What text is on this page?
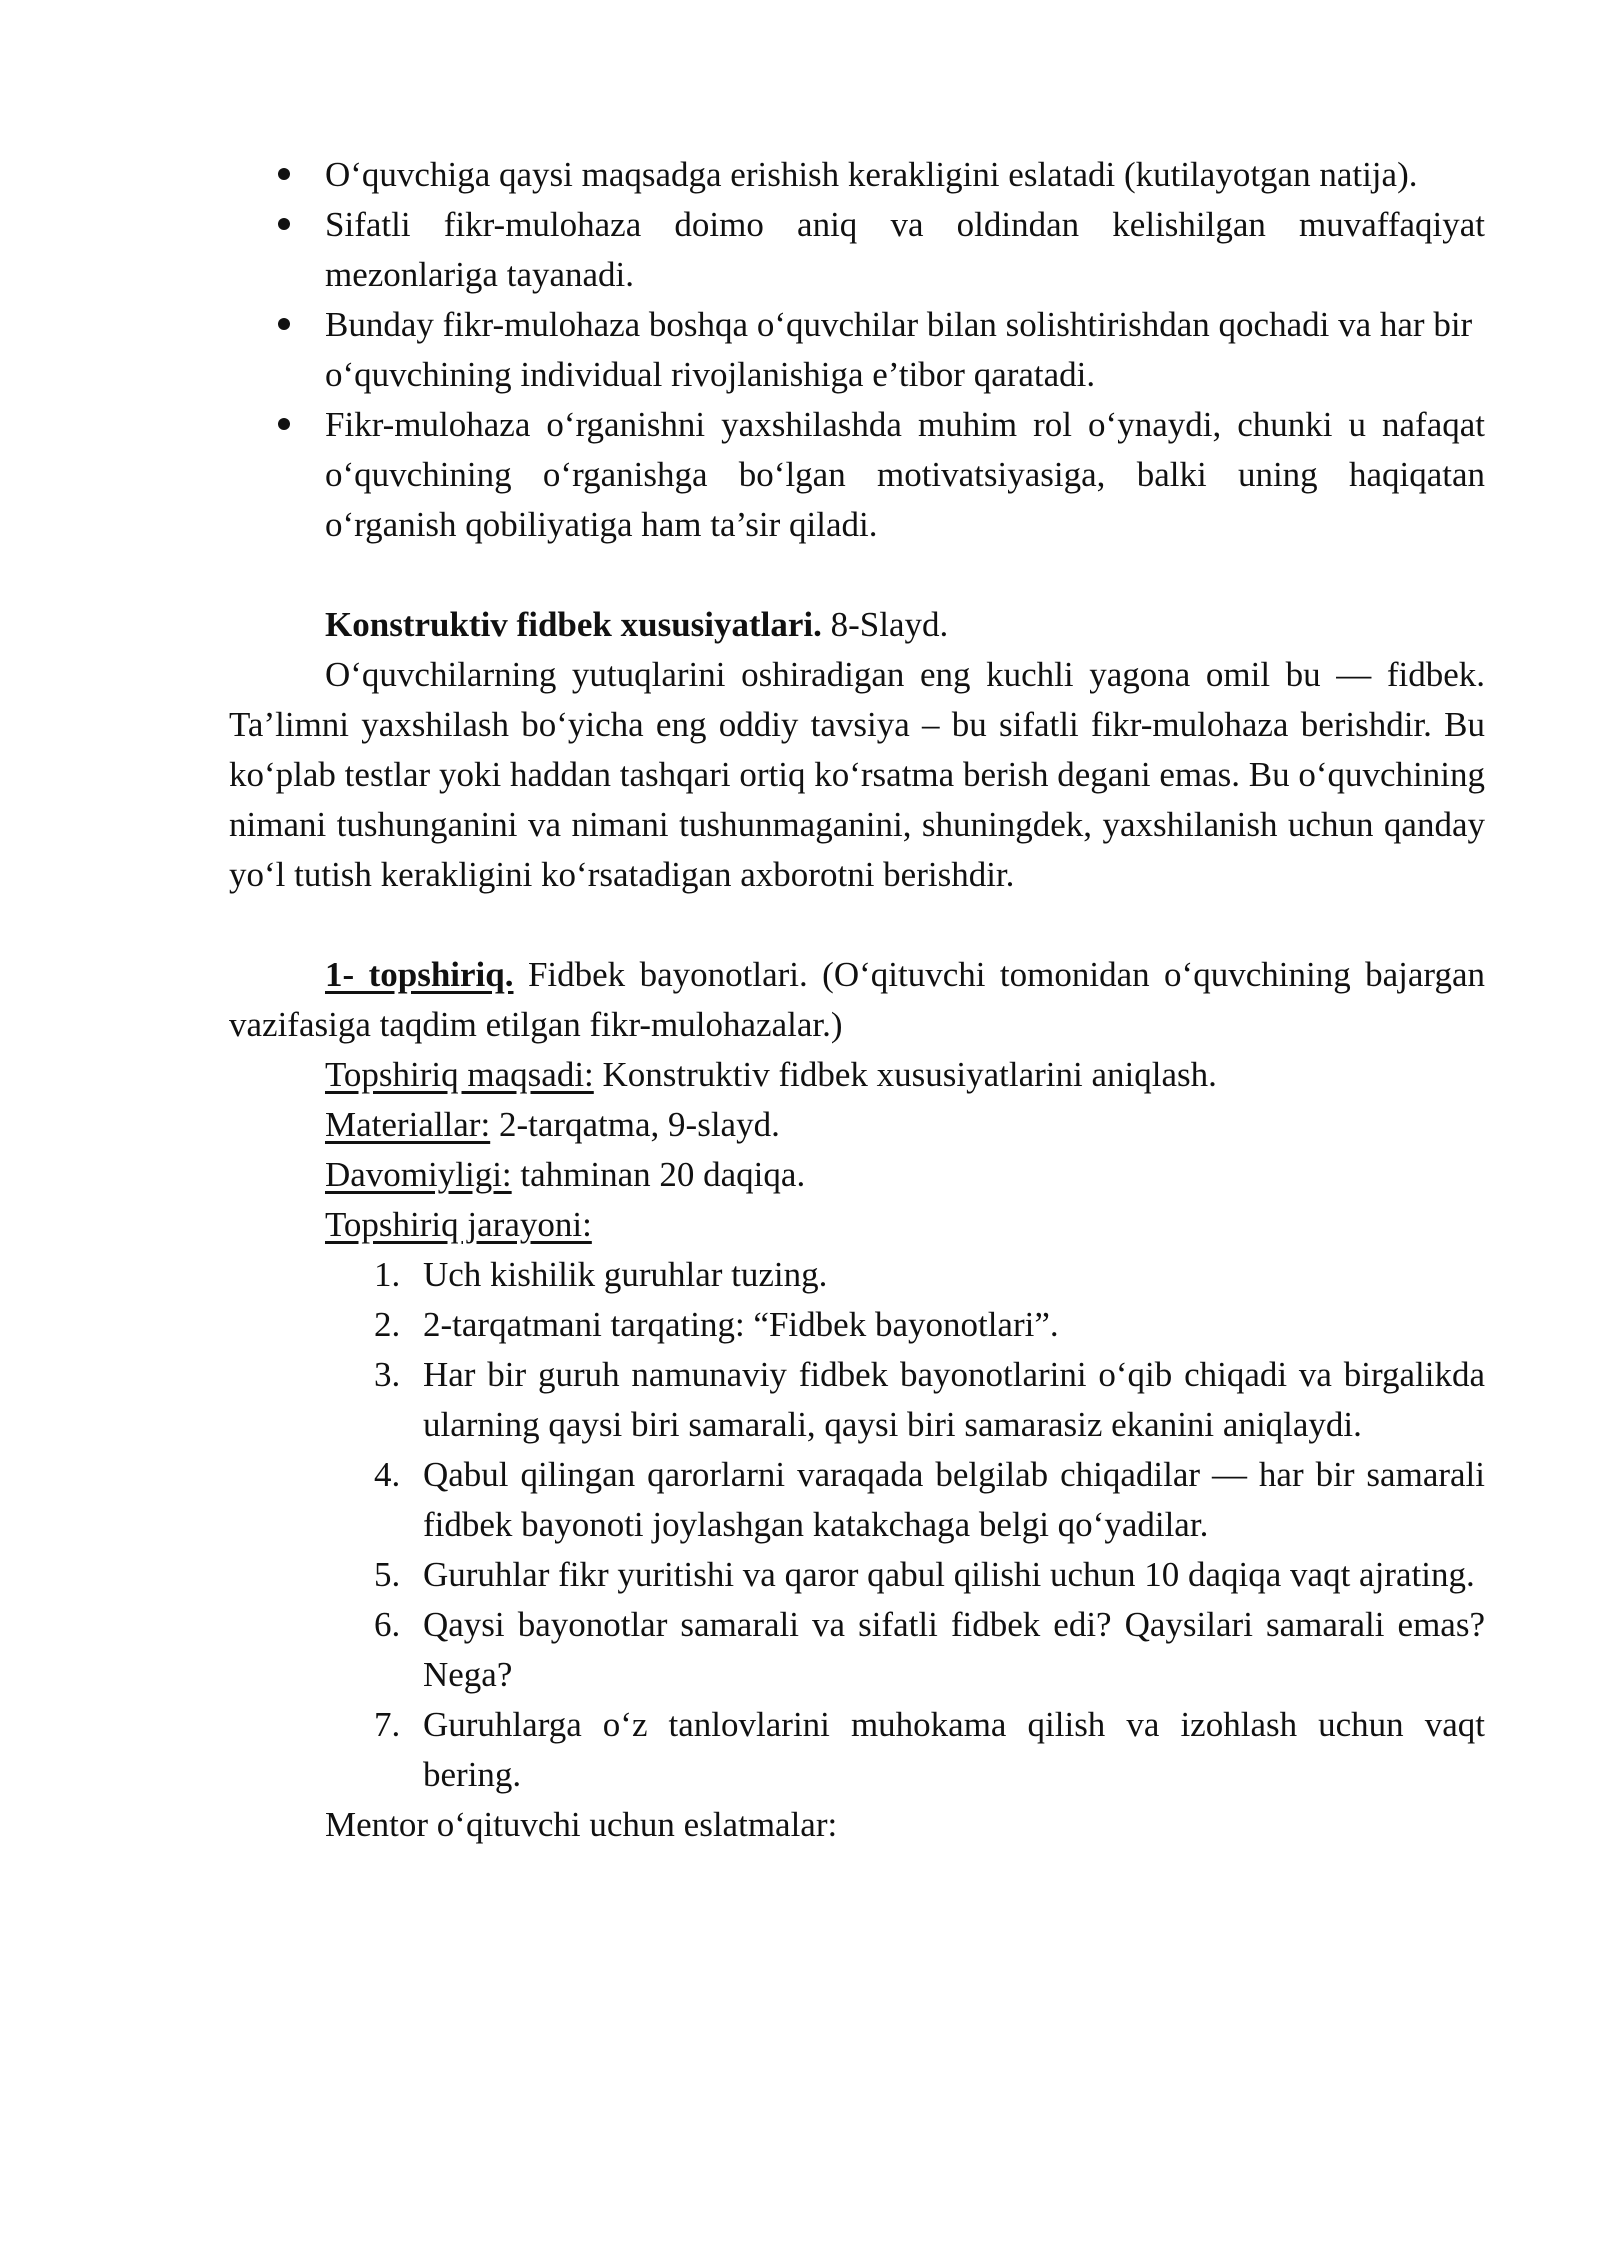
O‘quvchiga qaysi maqsadga erishish kerakligini eslatadi (kutilayotgan natija).
Sifatli fikr-mulohaza doimo aniq va oldindan kelishilgan muvaffaqiyat mezonlariga tayanadi.
Bunday fikr-mulohaza boshqa o‘quvchilar bilan solishtirishdan qochadi va har bir o‘quvchining individual rivojlanishiga e’tibor qaratadi.
Fikr-mulohaza o‘rganishni yaxshilashda muhim rol o‘ynaydi, chunki u nafaqat o‘quvchining o‘rganishga bo‘lgan motivatsiyasiga, balki uning haqiqatan o‘rganish qobiliyatiga ham ta’sir qiladi.

Konstruktiv fidbek xususiyatlari. 8-Slayd.

O‘quvchilarning yutuqlarini oshiradigan eng kuchli yagona omil bu — fidbek. Ta’limni yaxshilash bo‘yicha eng oddiy tavsiya – bu sifatli fikr-mulohaza berishdir. Bu ko‘plab testlar yoki haddan tashqari ortiq ko‘rsatma berish degani emas. Bu o‘quvchining nimani tushunganini va nimani tushunmaganini, shuningdek, yaxshilanish uchun qanday yo‘l tutish kerakligini ko‘rsatadigan axborotni berishdir.

1- topshiriq. Fidbek bayonotlari. (O‘qituvchi tomonidan o‘quvchining bajargan vazifasiga taqdim etilgan fikr-mulohazalar.)

Topshiriq maqsadi: Konstruktiv fidbek xususiyatlarini aniqlash.

Materiallar: 2-tarqatma, 9-slayd.

Davomiyligi: tahminan 20 daqiqa.

Topshiriq jarayoni:

1. Uch kishilik guruhlar tuzing.
2. 2-tarqatmani tarqating: “Fidbek bayonotlari”.
3. Har bir guruh namunaviy fidbek bayonotlarini o‘qib chiqadi va birgalikda ularning qaysi biri samarali, qaysi biri samarasiz ekanini aniqlaydi.
4. Qabul qilingan qarorlarni varaqada belgilab chiqadilar — har bir samarali fidbek bayonoti joylashgan katakchaga belgi qo‘yadilar.
5. Guruhlar fikr yuritishi va qaror qabul qilishi uchun 10 daqiqa vaqt ajrating.
6. Qaysi bayonotlar samarali va sifatli fidbek edi? Qaysilari samarali emas? Nega?
7. Guruhlarga o‘z tanlovlarini muhokama qilish va izohlash uchun vaqt bering.

Mentor o‘qituvchi uchun eslatmalar:
